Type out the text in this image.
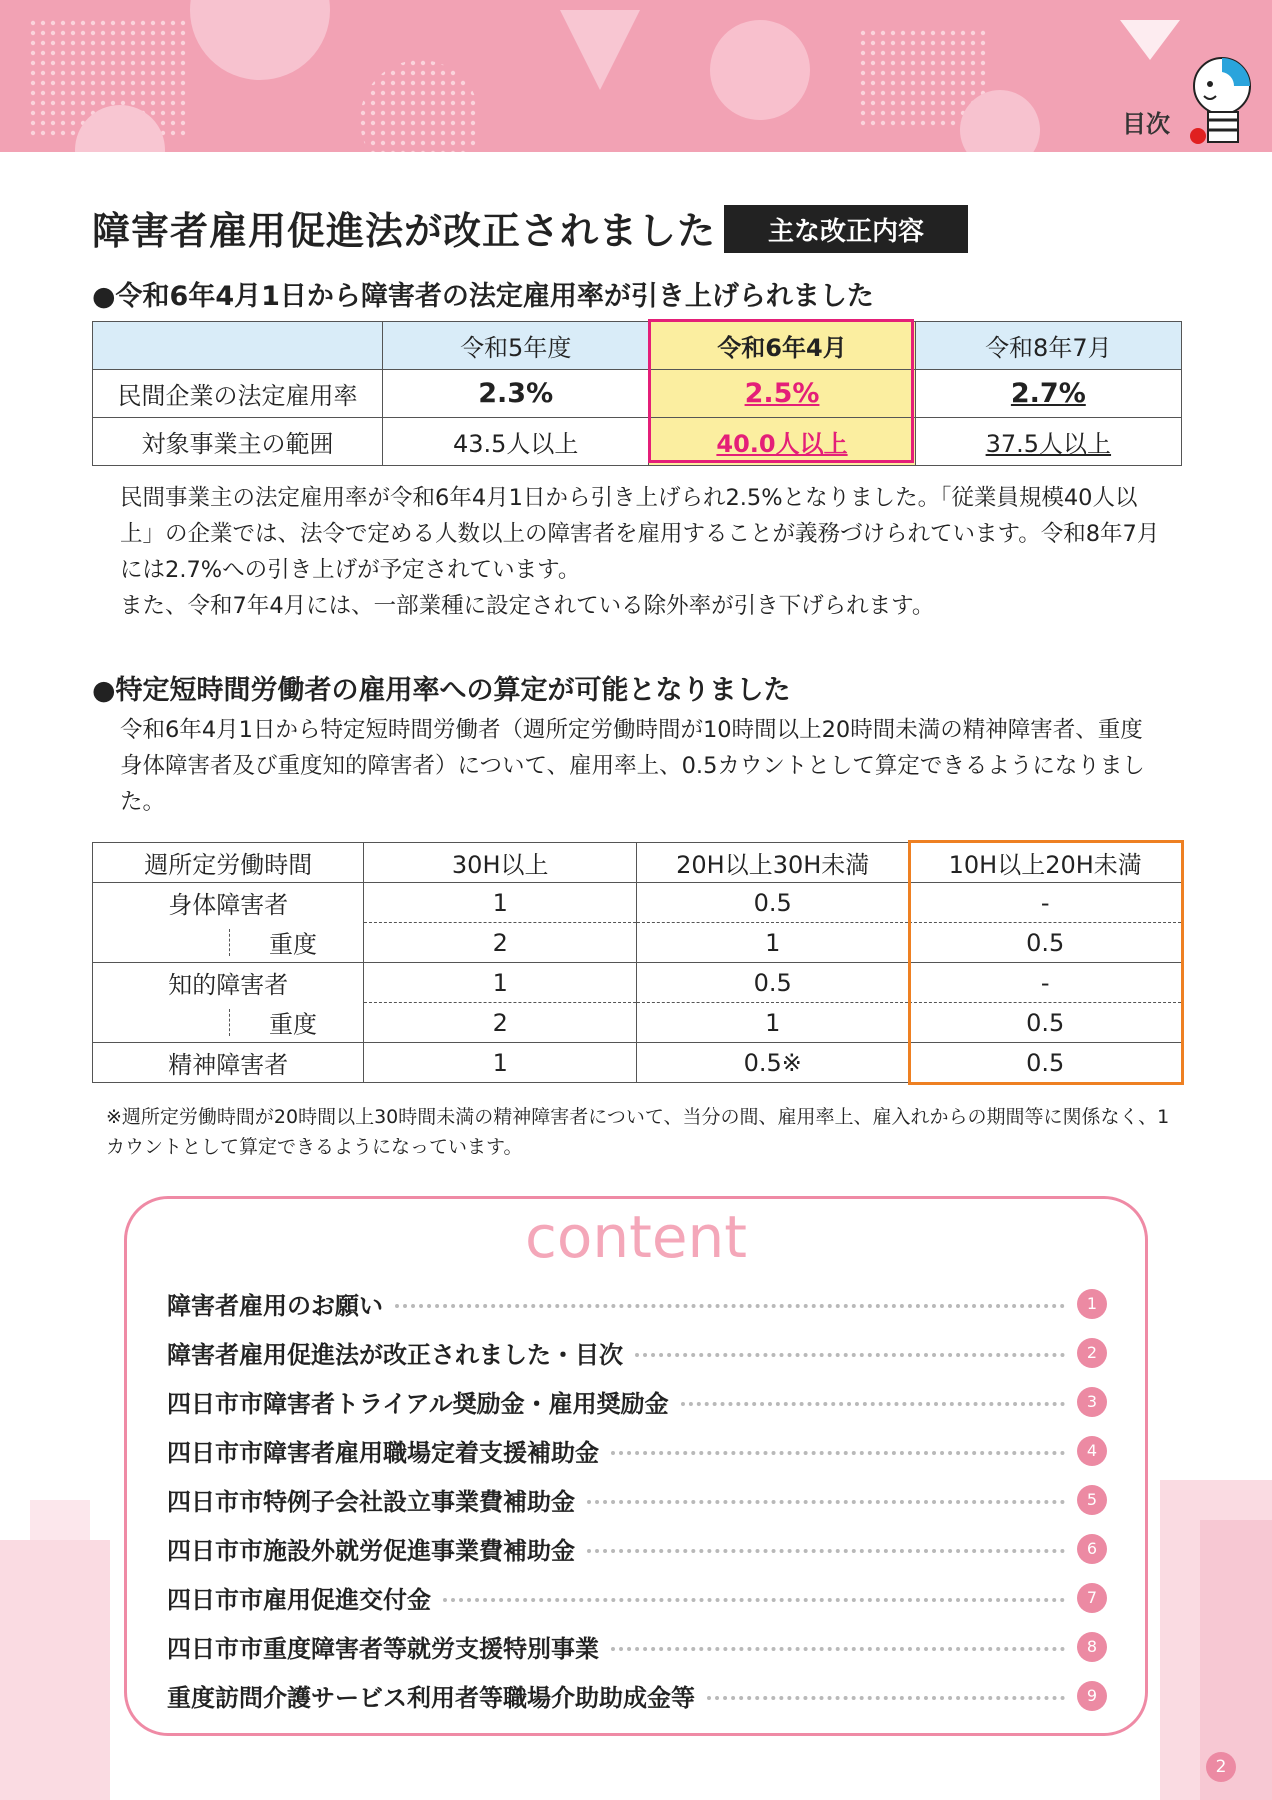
目次
障害者雇用促進法が改正されました	主な改正内容
●令和6年4月1日から障害者の法定雇用率が引き上げられました
	令和5年度	令和6年4月	令和8年7月
民間企業の法定雇用率	2.3%	2.5%	2.7%
対象事業主の範囲	43.5人以上	40.0人以上	37.5人以上

民間事業主の法定雇用率が令和6年4月1日から引き上げられ2.5%となりました。「従業員規模40人以上」の企業では、法令で定める人数以上の障害者を雇用することが義務づけられています。令和8年7月には2.7%への引き上げが予定されています。

また、令和7年4月には、一部業種に設定されている除外率が引き下げられます。

●特定短時間労働者の雇用率への算定が可能となりました

令和6年4月1日から特定短時間労働者（週所定労働時間が10時間以上20時間未満の精神障害者、重度身体障害者及び重度知的障害者）について、雇用率上、0.5カウントとして算定できるようになりました。

週所定労働時間	30H以上	20H以上30H未満	10H以上20H未満
身体障害者	1	0.5	-

重度	2	1	0.5
知的障害者	1	0.5	-

重度	2	1	0.5
精神障害者	1	0.5※	0.5

※週所定労働時間が20時間以上30時間未満の精神障害者について、当分の間、雇用率上、雇入れからの期間等に関係なく、1カウントとして算定できるようになっています。

content
障害者雇用のお願い	1
障害者雇用促進法が改正されました・目次	2
四日市市障害者トライアル奨励金・雇用奨励金	3
四日市市障害者雇用職場定着支援補助金	4
四日市市特例子会社設立事業費補助金	5
四日市市施設外就労促進事業費補助金	6
四日市市雇用促進交付金	7
四日市市重度障害者等就労支援特別事業	8
重度訪問介護サービス利用者等職場介助助成金等	9
2
